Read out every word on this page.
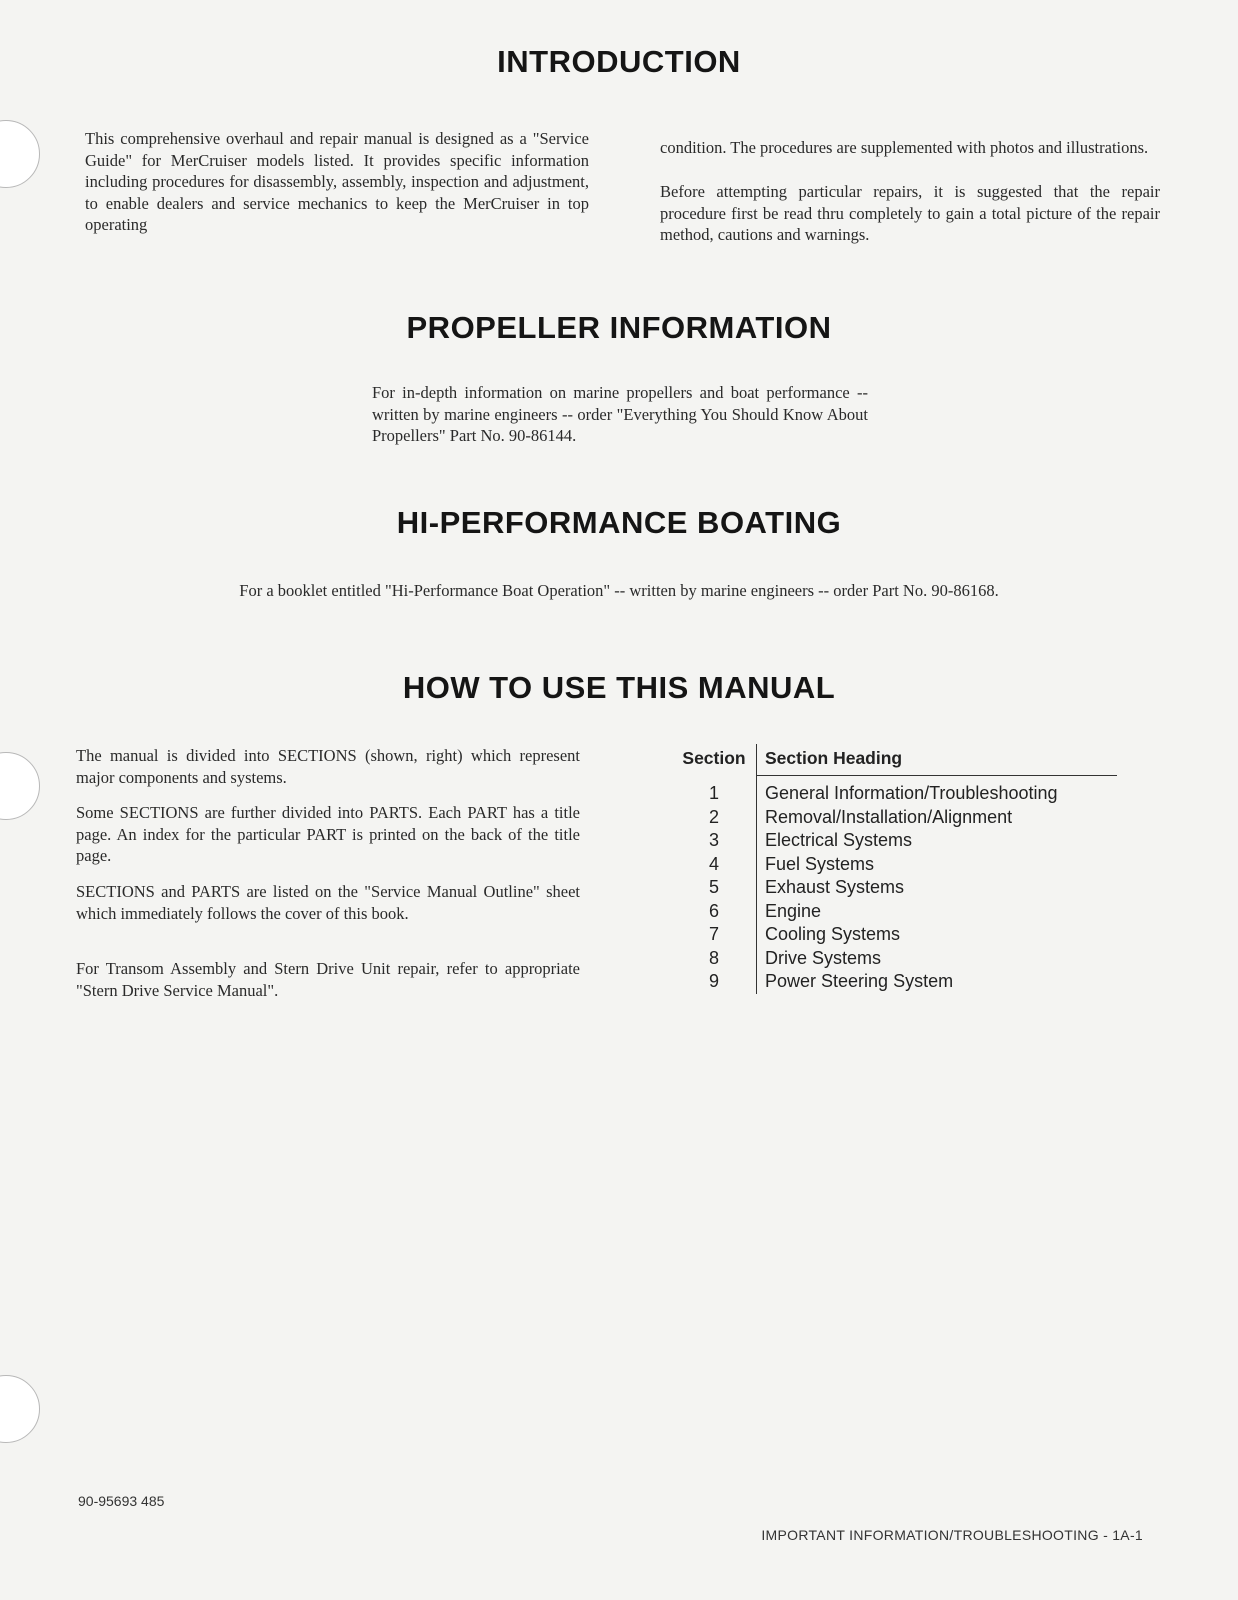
INTRODUCTION

This comprehensive overhaul and repair manual is designed as a "Service Guide" for MerCruiser models listed. It provides specific information including procedures for disassembly, assembly, inspection and adjustment, to enable dealers and service mechanics to keep the MerCruiser in top operating

condition. The procedures are supplemented with photos and illustrations.

Before attempting particular repairs, it is suggested that the repair procedure first be read thru completely to gain a total picture of the repair method, cautions and warnings.

PROPELLER INFORMATION

For in-depth information on marine propellers and boat performance -- written by marine engineers -- order "Everything You Should Know About Propellers" Part No. 90-86144.

HI-PERFORMANCE BOATING

For a booklet entitled "Hi-Performance Boat Operation" -- written by marine engineers -- order Part No. 90-86168.

HOW TO USE THIS MANUAL

The manual is divided into SECTIONS (shown, right) which represent major components and systems.

Some SECTIONS are further divided into PARTS. Each PART has a title page. An index for the particular PART is printed on the back of the title page.

SECTIONS and PARTS are listed on the "Service Manual Outline" sheet which immediately follows the cover of this book.

For Transom Assembly and Stern Drive Unit repair, refer to appropriate "Stern Drive Service Manual".

Section	Section Heading
1	General Information/Troubleshooting
2	Removal/Installation/Alignment
3	Electrical Systems
4	Fuel Systems
5	Exhaust Systems
6	Engine
7	Cooling Systems
8	Drive Systems
9	Power Steering System
90-95693 485
IMPORTANT INFORMATION/TROUBLESHOOTING - 1A-1
